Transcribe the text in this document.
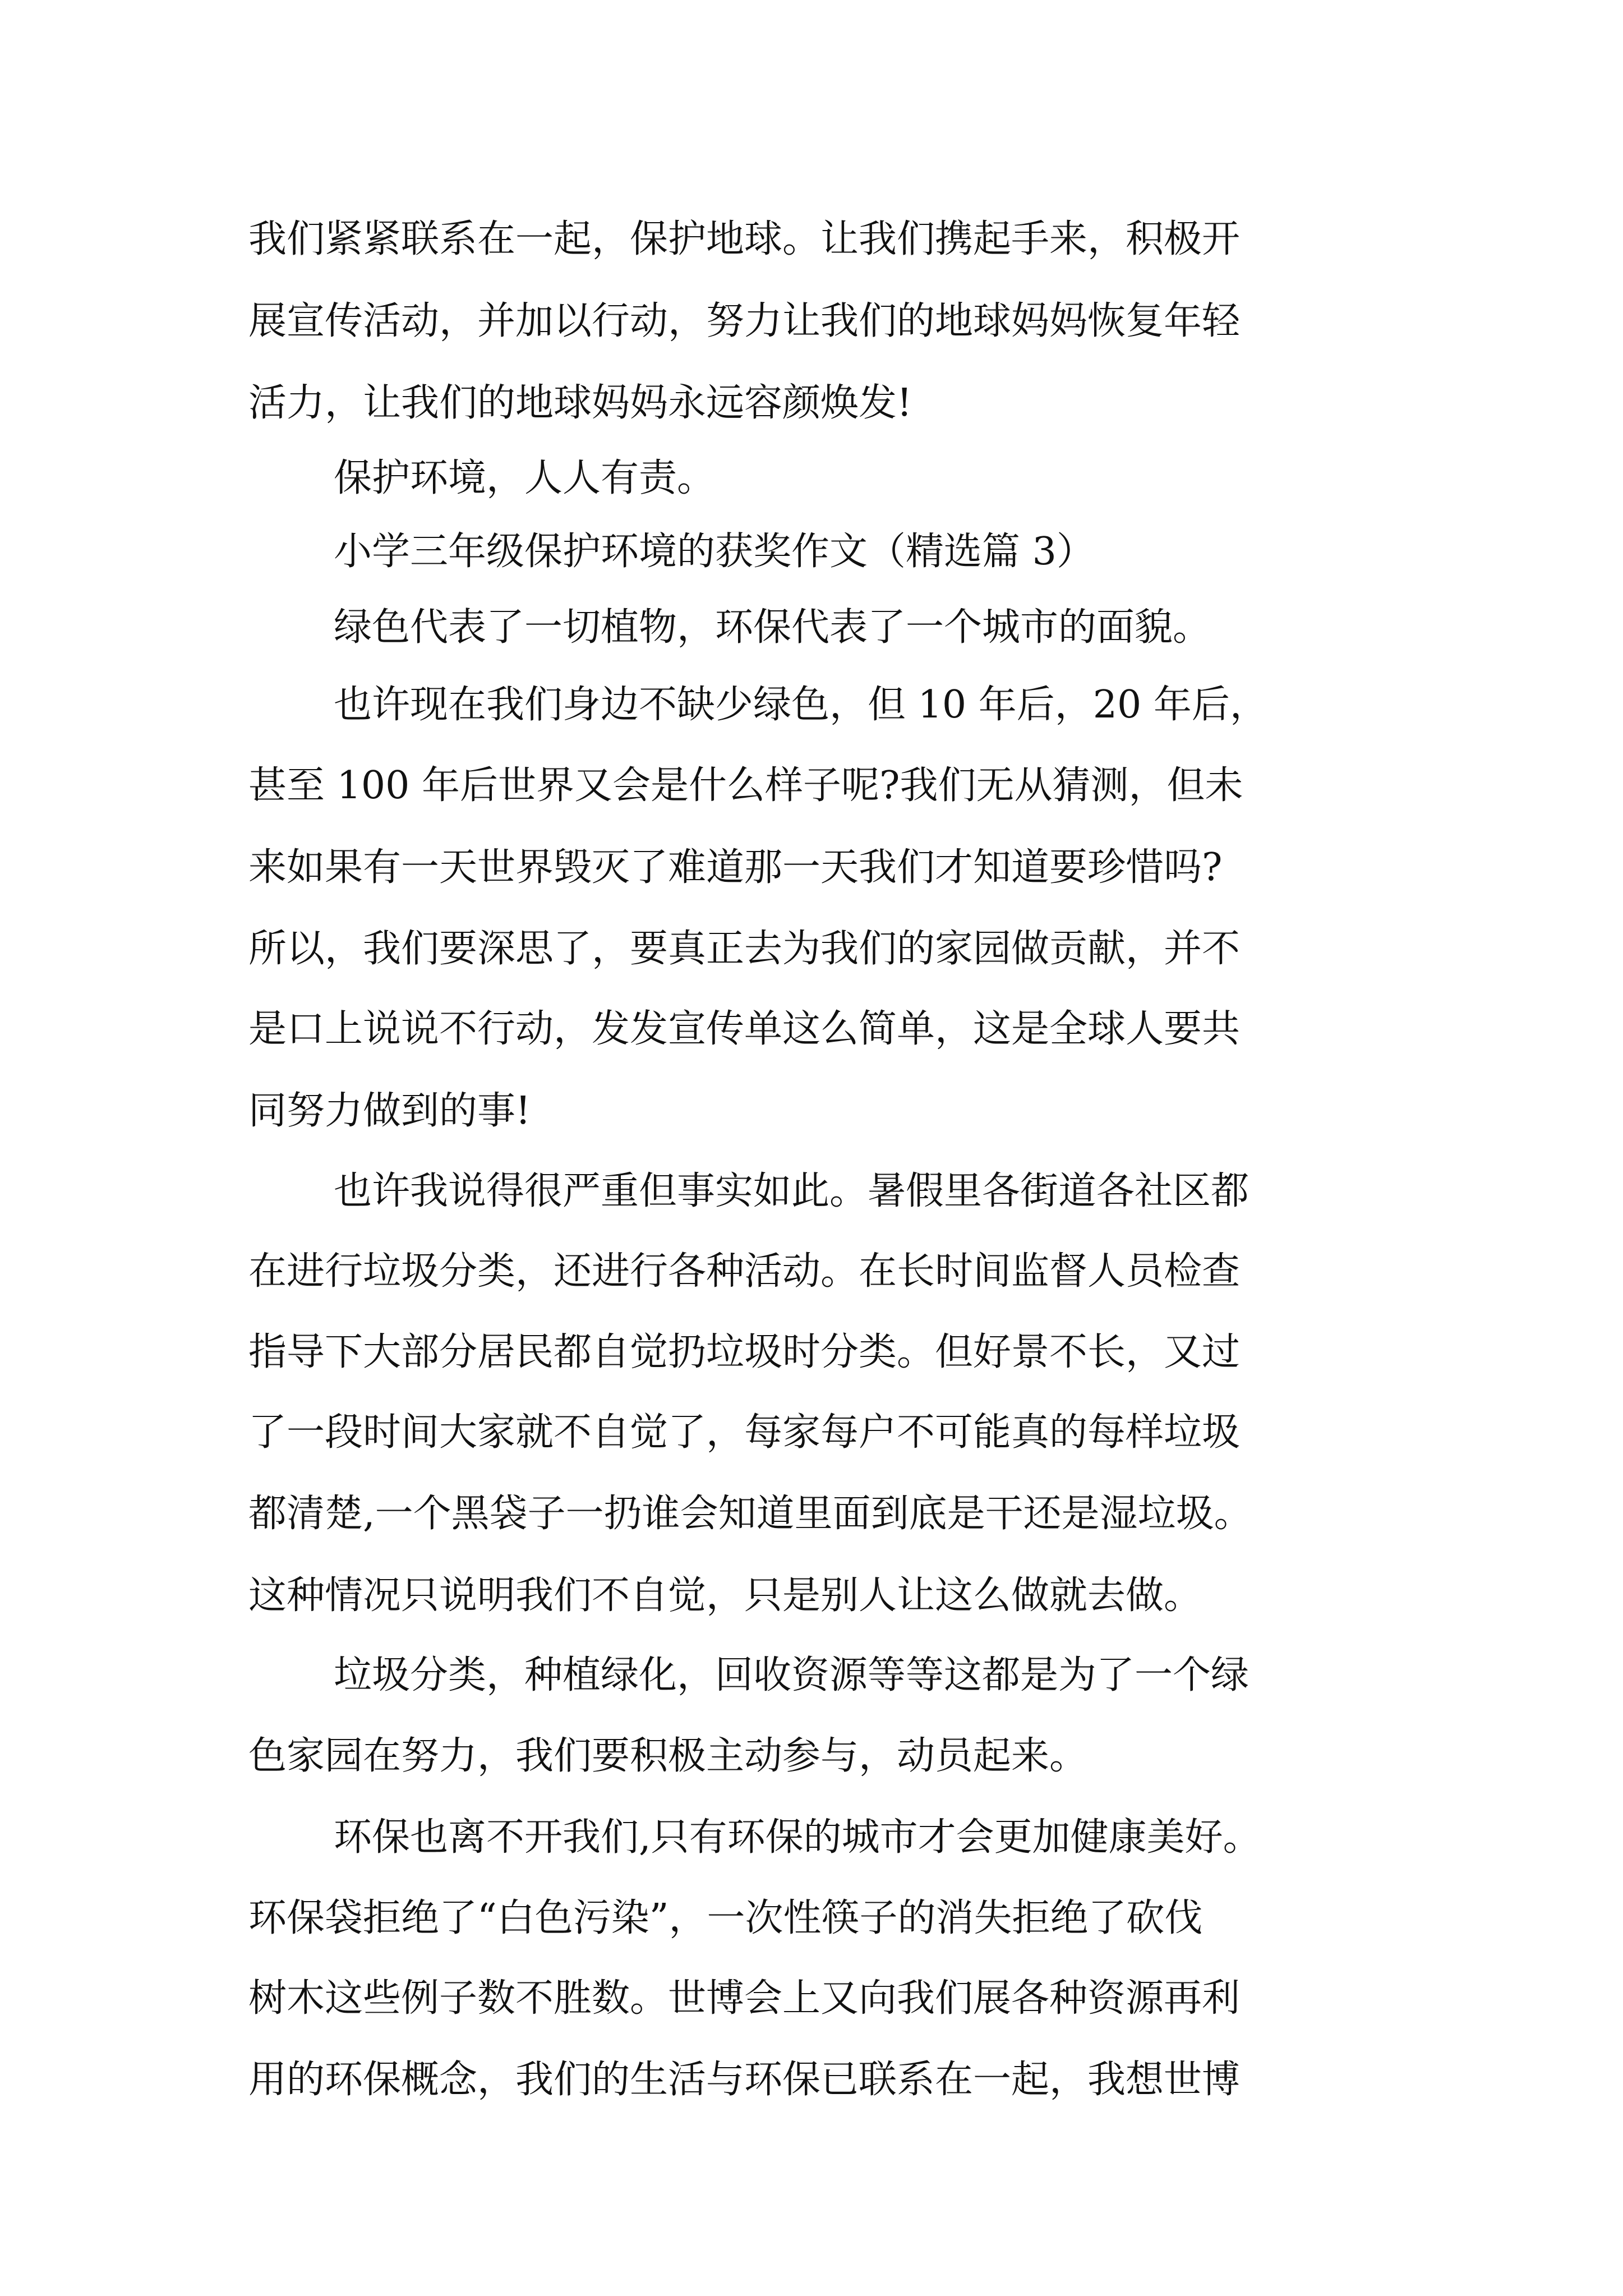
我们紧紧联系在一起，保护地球。让我们携起手来，积极开
展宣传活动，并加以行动，努力让我们的地球妈妈恢复年轻
活力，让我们的地球妈妈永远容颜焕发!
保护环境，人人有责。
小学三年级保护环境的获奖作文（精选篇 3）
绿色代表了一切植物，环保代表了一个城市的面貌。
也许现在我们身边不缺少绿色，但 10 年后，20 年后，
甚至 100 年后世界又会是什么样子呢?我们无从猜测，但未
来如果有一天世界毁灭了难道那一天我们才知道要珍惜吗?
所以，我们要深思了，要真正去为我们的家园做贡献，并不
是口上说说不行动，发发宣传单这么简单，这是全球人要共
同努力做到的事!
也许我说得很严重但事实如此。暑假里各街道各社区都
在进行垃圾分类，还进行各种活动。在长时间监督人员检查
指导下大部分居民都自觉扔垃圾时分类。但好景不长，又过
了一段时间大家就不自觉了，每家每户不可能真的每样垃圾
都清楚,一个黑袋子一扔谁会知道里面到底是干还是湿垃圾。
这种情况只说明我们不自觉，只是别人让这么做就去做。
垃圾分类，种植绿化，回收资源等等这都是为了一个绿
色家园在努力，我们要积极主动参与，动员起来。
环保也离不开我们,只有环保的城市才会更加健康美好。
环保袋拒绝了“白色污染”，一次性筷子的消失拒绝了砍伐
树木这些例子数不胜数。世博会上又向我们展各种资源再利
用的环保概念，我们的生活与环保已联系在一起，我想世博
